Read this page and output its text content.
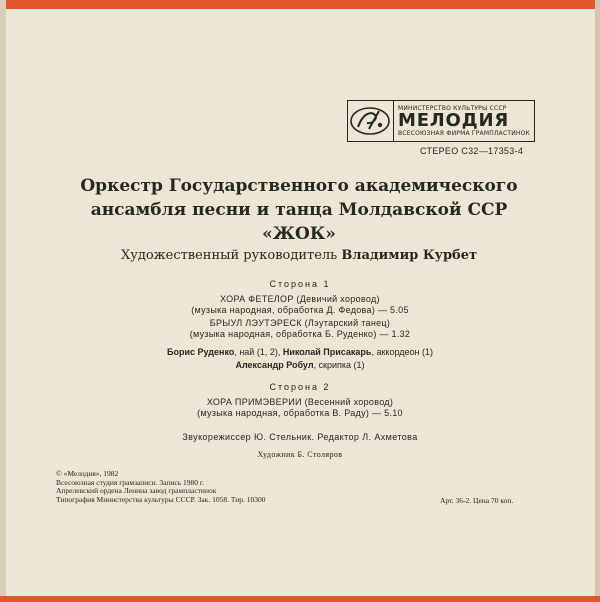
МИНИСТЕРСТВО КУЛЬТУРЫ СССР
МЕЛОДИЯ
ВСЕСОЮЗНАЯ ФИРМА ГРАМПЛАСТИНОК
СТЕРЕО С32—17353-4
Оркестр Государственного академического
ансамбля песни и танца Молдавской ССР
«ЖОК»
Художественный руководитель Владимир Курбет
Сторона 1
ХОРА ФЕТЕЛОР (Девичий хоровод)
(музыка народная, обработка Д. Федова) — 5.05
БРЫУЛ ЛЭУТЭРЕСК (Лэутарский танец)
(музыка народная, обработка Б. Руденко) — 1.32
Борис Руденко, най (1, 2), Николай Присакарь, аккордеон (1)
Александр Робул, скрипка (1)
Сторона 2
ХОРА ПРИМЭВЕРИИ (Весенний хоровод)
(музыка народная, обработка В. Раду) — 5.10
Звукорежиссер Ю. Стельник. Редактор Л. Ахметова
Художник Б. Столяров
© «Мелодия», 1982
Всесоюзная студия грамзаписи. Запись 1980 г.
Апрелевский ордена Ленина завод грампластинок
Типография Министерства культуры СССР. Зак. 1058. Тир. 10300	Арт. 36-2. Цена 70 коп.
